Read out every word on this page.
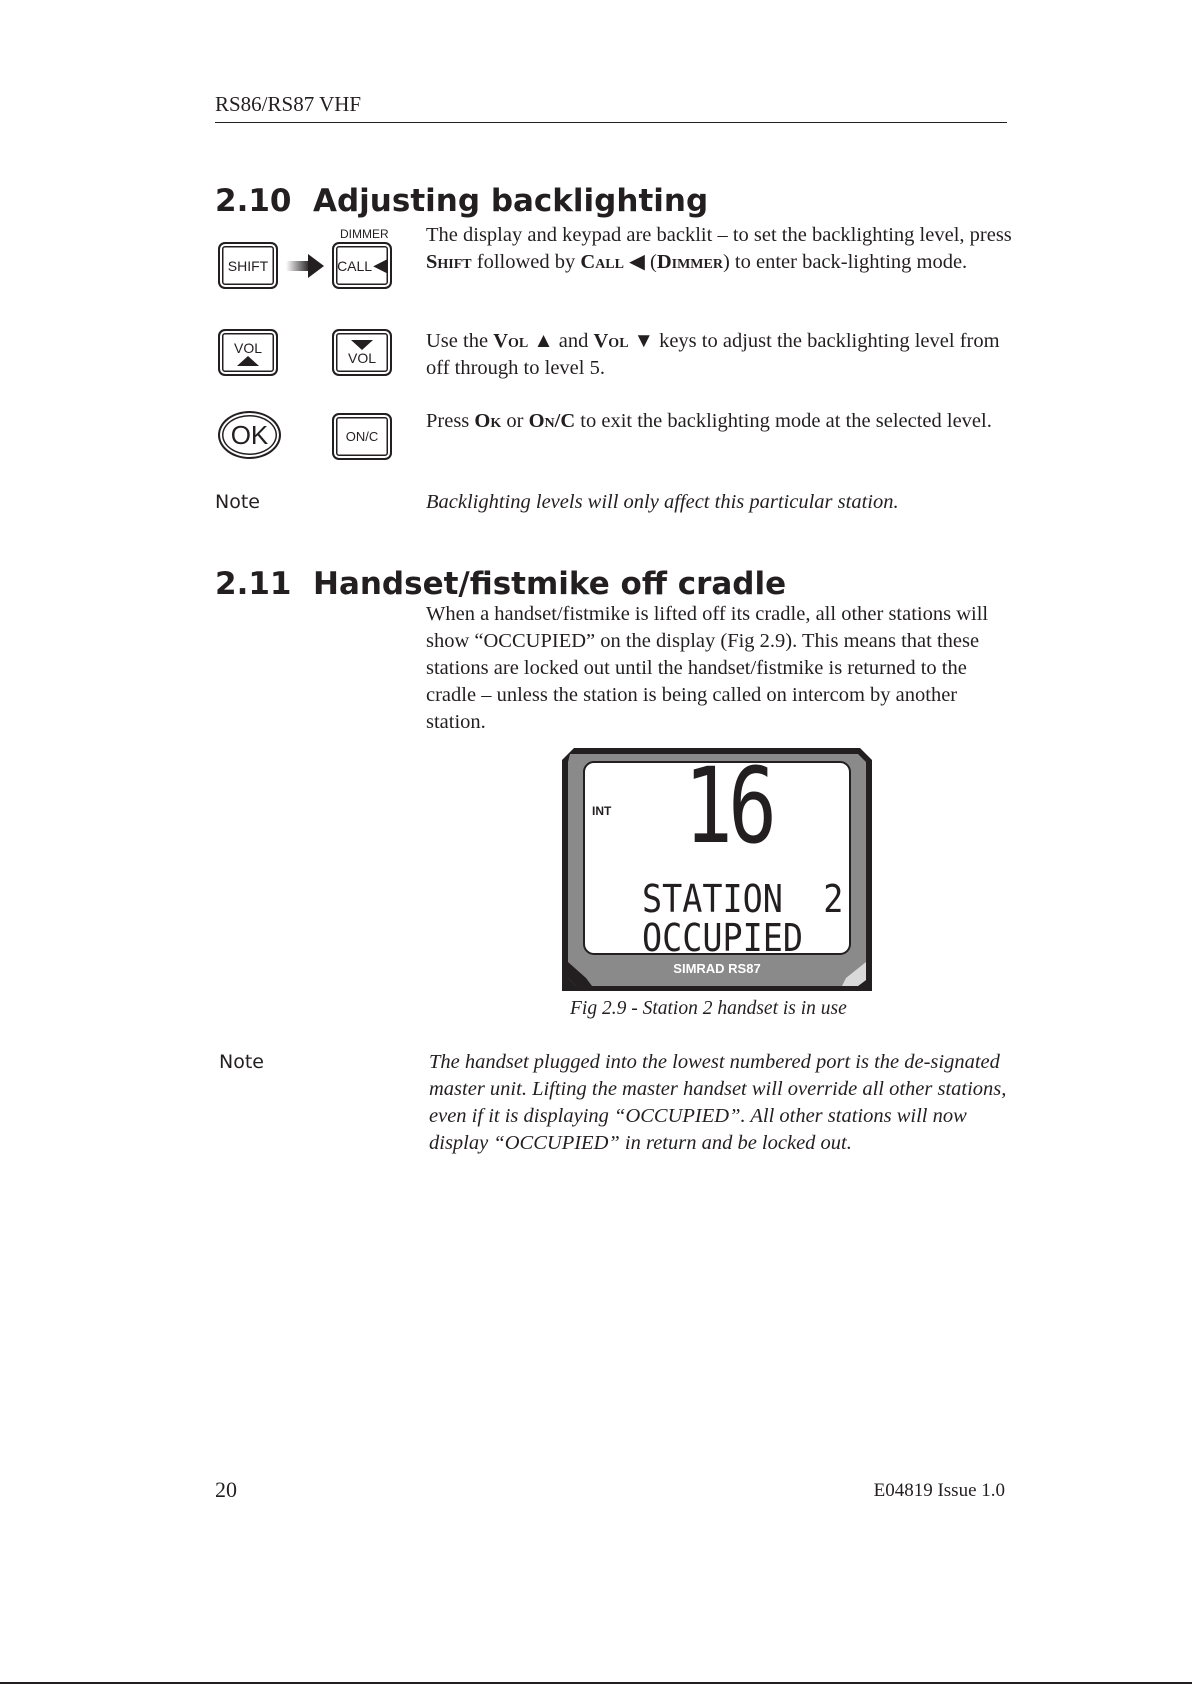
RS86/RS87 VHF
2.10 Adjusting backlighting
DIMMER
SHIFT	CALL ◀
The display and keypad are backlit – to set the backlighting level, press Shift followed by Call ◀ (Dimmer) to enter back-lighting mode.
VOL
VOL
Use the Vol ▲ and Vol ▼ keys to adjust the backlighting level from off through to level 5.
OK	ON/C
Press Ok or On/C to exit the backlighting mode at the selected level.
Note	Backlighting levels will only affect this particular station.
2.11 Handset/fistmike off cradle
When a handset/fistmike is lifted off its cradle, all other stations will show “OCCUPIED” on the display (Fig 2.9). This means that these stations are locked out until the handset/fistmike is returned to the cradle – unless the station is being called on intercom by another station.
INT 16
STATION  2
OCCUPIED
SIMRAD RS87
Fig 2.9 - Station 2 handset is in use
Note	The handset plugged into the lowest numbered port is the de-signated master unit. Lifting the master handset will override all other stations, even if it is displaying “OCCUPIED”. All other stations will now display “OCCUPIED” in return and be locked out.
20	E04819 Issue 1.0
